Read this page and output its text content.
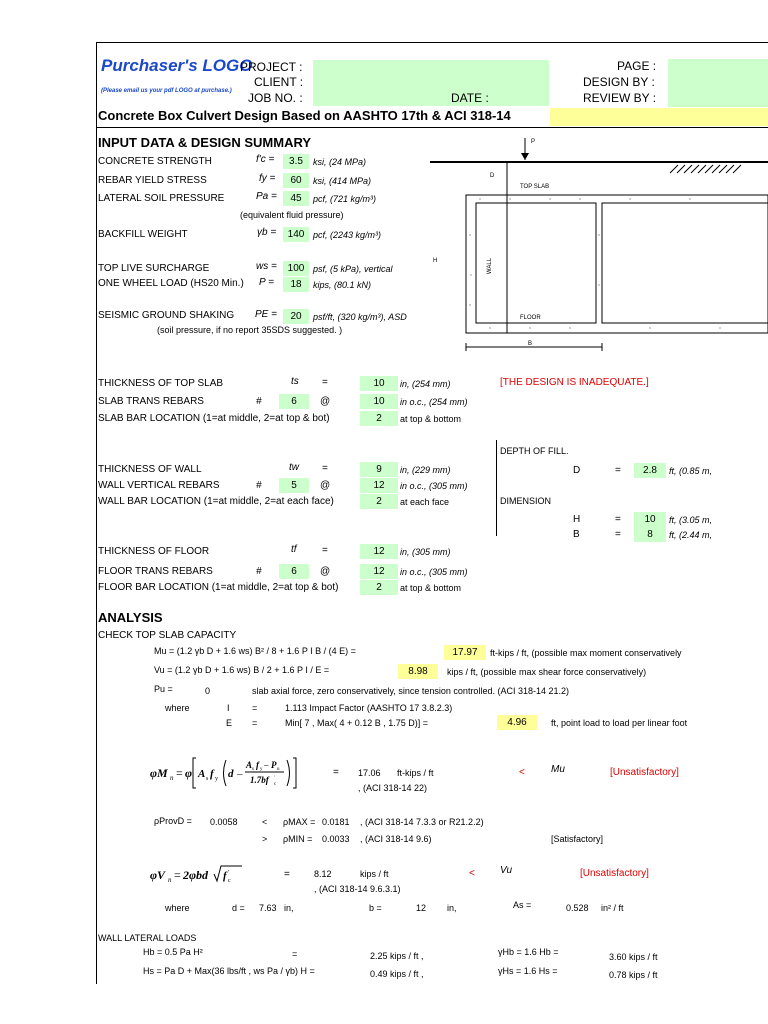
Purchaser's LOGO
(Please email us your pdf LOGO at purchase.)
PROJECT :
CLIENT :
JOB NO. :	DATE :
PAGE :
DESIGN BY :
REVIEW BY :
Concrete Box Culvert Design Based on AASHTO 17th & ACI 318-14
INPUT DATA & DESIGN SUMMARY
CONCRETE STRENGTH	f'c =	3.5	ksi, (24 MPa)
REBAR YIELD STRESS	fy =	60	ksi, (414 MPa)
LATERAL SOIL PRESSURE	Pa =	45	pcf, (721 kg/m³)
(equivalent fluid pressure)
BACKFILL WEIGHT	γb =	140 pcf, (2243 kg/m³)
TOP LIVE SURCHARGE	ws =	100 psf, (5 kPa), vertical
ONE WHEEL LOAD (HS20 Min.) P =	18	kips, (80.1 kN)
SEISMIC GROUND SHAKING PE =	20	psf/ft, (320 kg/m³), ASD
(soil pressure, if no report 35SDS suggested. )
P
D
H
B
TOP SLAB
WALL
FLOOR
THICKNESS OF TOP SLAB	ts =	10	in, (254 mm)	[THE DESIGN IS INADEQUATE.]
SLAB TRANS REBARS	#	6	@	10	in o.c., (254 mm)
SLAB BAR LOCATION (1=at middle, 2=at top & bot)	2	at top & bottom
DEPTH OF FILL.
D	=	2.8	ft, (0.85 m,
DIMENSION
H	=	10	ft, (3.05 m,
B	=	8	ft, (2.44 m,
THICKNESS OF WALL	tw =	9	in, (229 mm)
WALL VERTICAL REBARS	#	5	@	12	in o.c., (305 mm)
WALL BAR LOCATION (1=at middle, 2=at each face)	2	at each face
THICKNESS OF FLOOR	tf	=	12	in, (305 mm)
FLOOR TRANS REBARS	#	6	@	12	in o.c., (305 mm)
FLOOR BAR LOCATION (1=at middle, 2=at top & bot)	2	at top & bottom
ANALYSIS
CHECK TOP SLAB CAPACITY
Mu = (1.2 γb D + 1.6 ws) B² / 8 + 1.6 P I B / (4 E) =	17.97	ft-kips / ft, (possible max moment conservatively
Vu = (1.2 γb D + 1.6 ws) B / 2 + 1.6 P I / E =	8.98	kips / ft, (possible max shear force conservatively)
Pu =	0	slab axial force, zero conservatively, since tension controlled. (ACI 318-14 21.2)
where	I =	1.113 Impact Factor (AASHTO 17 3.8.2.3)
E =	Min[ 7 , Max( 4 + 0.12 B , 1.75 D)] =	4.96	ft, point load to load per linear foot
φM n = φ A s f y d –
A s f y – P u
1.7bf '
c
= 17.06 ft-kips / ft
, (ACI 318-14 22)
<	Mu	[Unsatisfactory]
ρProvD = 0.0058	< ρMAX = 0.0181 , (ACI 318-14 7.3.3 or R21.2.2)
> ρMIN = 0.0033 , (ACI 318-14 9.6)	[Satisfactory]
φV n = 2φbd f '
c
=	8.12	kips / ft
, (ACI 318-14 9.6.3.1)
<	Vu	[Unsatisfactory]
where	d = 7.63 in,	b =	12 in,	As =	0.528 in² / ft
WALL LATERAL LOADS
Hb = 0.5 Pa H²	=	2.25 kips / ft ,	γHb = 1.6 Hb =	3.60 kips / ft
Hs = Pa D + Max(36 lbs/ft , ws Pa / γb) H =	0.49 kips / ft ,	γHs = 1.6 Hs =	0.78 kips / ft
